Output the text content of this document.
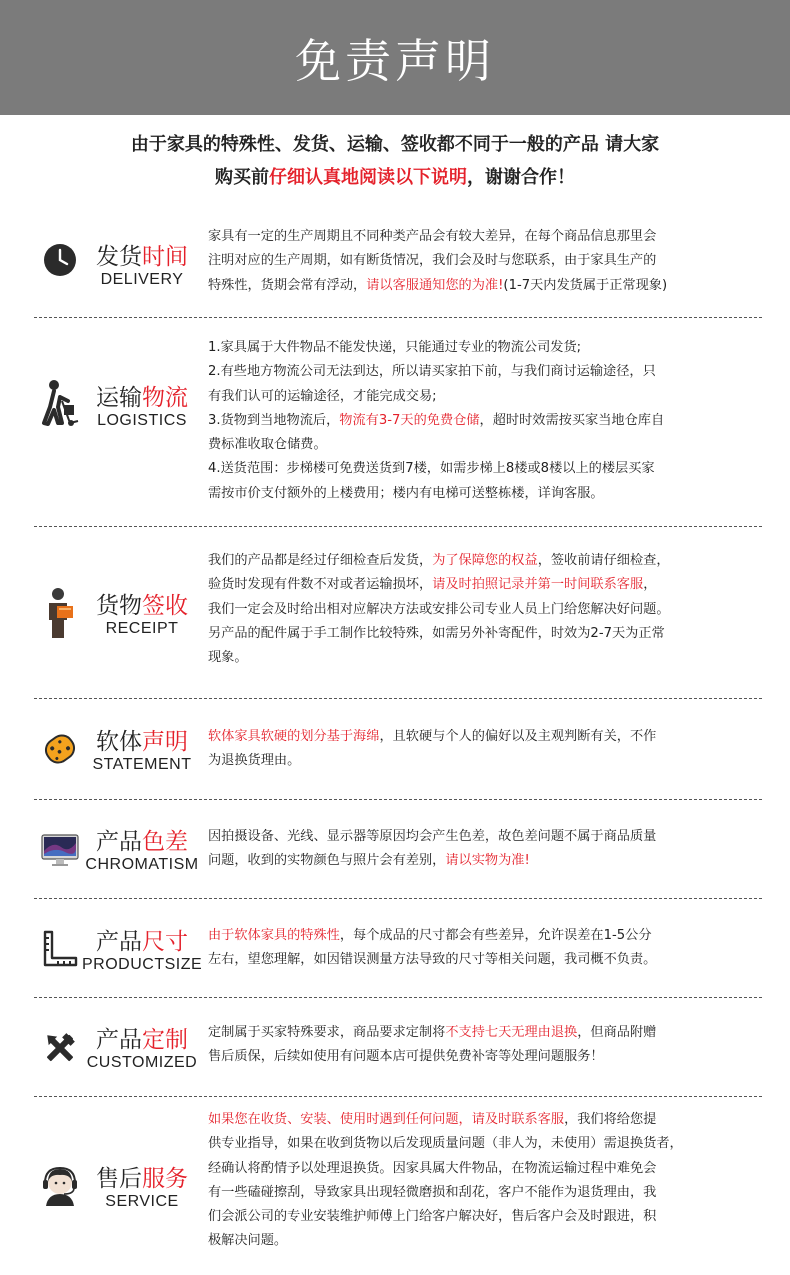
免责声明
由于家具的特殊性、发货、运输、签收都不同于一般的产品 请大家
购买前仔细认真地阅读以下说明，谢谢合作！
发货时间
DELIVERY
家具有一定的生产周期且不同种类产品会有较大差异，在每个商品信息那里会
注明对应的生产周期，如有断货情况，我们会及时与您联系，由于家具生产的
特殊性，货期会常有浮动，请以客服通知您的为准!(1-7天内发货属于正常现象)
运输物流
LOGISTICS
1.家具属于大件物品不能发快递，只能通过专业的物流公司发货;
2.有些地方物流公司无法到达，所以请买家拍下前，与我们商讨运输途径，只
有我们认可的运输途径，才能完成交易;
3.货物到当地物流后，物流有3-7天的免费仓储，超时时效需按买家当地仓库自
费标准收取仓储费。
4.送货范围：步梯楼可免费送货到7楼，如需步梯上8楼或8楼以上的楼层买家
需按市价支付额外的上楼费用；楼内有电梯可送整栋楼，详询客服。
货物签收
RECEIPT
我们的产品都是经过仔细检查后发货，为了保障您的权益，签收前请仔细检查，
验货时发现有件数不对或者运输损坏，请及时拍照记录并第一时间联系客服，
我们一定会及时给出相对应解决方法或安排公司专业人员上门给您解决好问题。
另产品的配件属于手工制作比较特殊，如需另外补寄配件，时效为2-7天为正常
现象。
软体声明
STATEMENT
软体家具软硬的划分基于海绵，且软硬与个人的偏好以及主观判断有关，不作
为退换货理由。
产品色差
CHROMATISM
因拍摄设备、光线、显示器等原因均会产生色差，故色差问题不属于商品质量
问题，收到的实物颜色与照片会有差别，请以实物为准!
产品尺寸
PRODUCTSIZE
由于软体家具的特殊性，每个成品的尺寸都会有些差异，允许误差在1-5公分
左右，望您理解，如因错误测量方法导致的尺寸等相关问题，我司概不负责。
产品定制
CUSTOMIZED
定制属于买家特殊要求，商品要求定制将不支持七天无理由退换，但商品附赠
售后质保，后续如使用有问题本店可提供免费补寄等处理问题服务！
售后服务
SERVICE
如果您在收货、安装、使用时遇到任何问题，请及时联系客服，我们将给您提
供专业指导，如果在收到货物以后发现质量问题（非人为，未使用）需退换货者，
经确认将酌情予以处理退换货。因家具属大件物品，在物流运输过程中难免会
有一些磕碰擦刮，导致家具出现轻微磨损和刮花，客户不能作为退货理由，我
们会派公司的专业安装维护师傅上门给客户解决好，售后客户会及时跟进，积
极解决问题。
